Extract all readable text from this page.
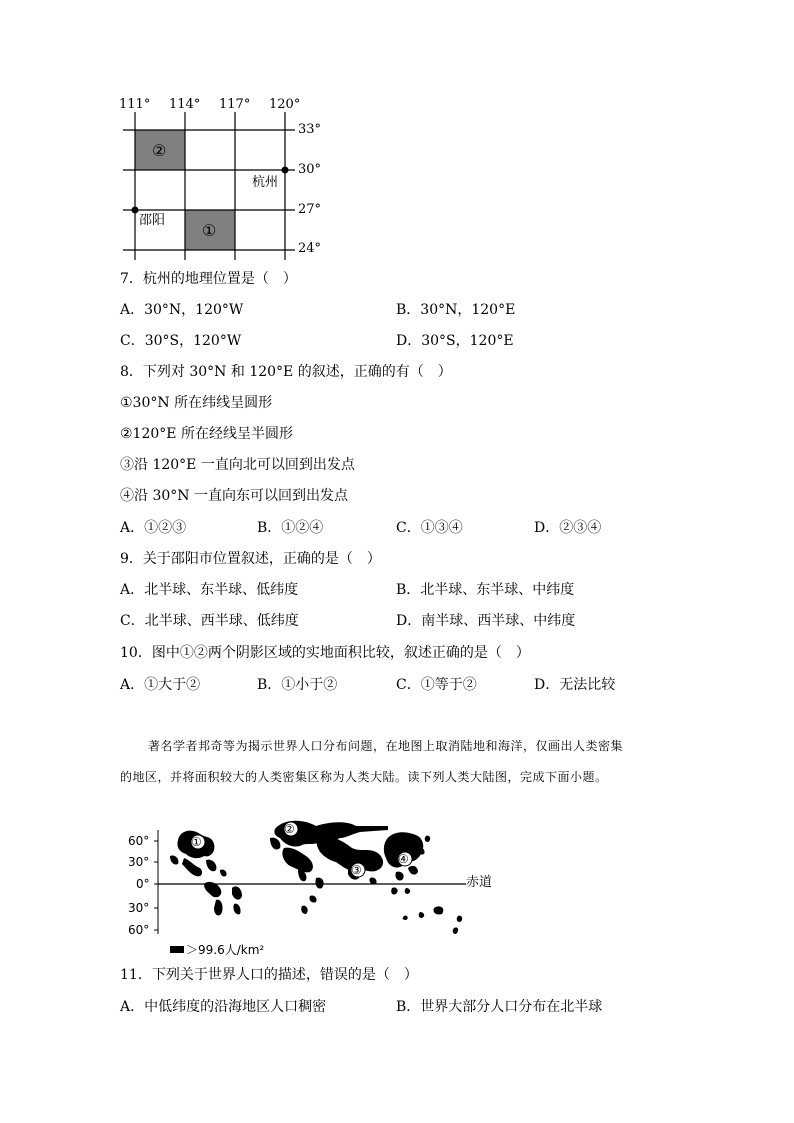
111° 114° 117° 120°
33°
30°
27°
24°
②
①
杭州
邵阳
7．杭州的地理位置是（　）
A．30°N，120°W	B．30°N，120°E
C．30°S，120°W	D．30°S，120°E
8．下列对 30°N 和 120°E 的叙述，正确的有（　）
①30°N 所在纬线呈圆形
②120°E 所在经线呈半圆形
③沿 120°E 一直向北可以回到出发点
④沿 30°N 一直向东可以回到出发点
A．①②③	B．①②④	C．①③④	D．②③④
9．关于邵阳市位置叙述，正确的是（　）
A．北半球、东半球、低纬度	B．北半球、东半球、中纬度
C．北半球、西半球、低纬度	D．南半球、西半球、中纬度
10．图中①②两个阴影区域的实地面积比较，叙述正确的是（　）
A．①大于②	B．①小于②	C．①等于②	D．无法比较
著名学者邦奇等为揭示世界人口分布问题，在地图上取消陆地和海洋，仅画出人类密集
的地区，并将面积较大的人类密集区称为人类大陆。读下列人类大陆图，完成下面小题。
60°
30°
0°
30°
60°
赤道
①
②
③
④
＞99.6人/km²
11．下列关于世界人口的描述，错误的是（　）
A．中低纬度的沿海地区人口稠密	B．世界大部分人口分布在北半球
